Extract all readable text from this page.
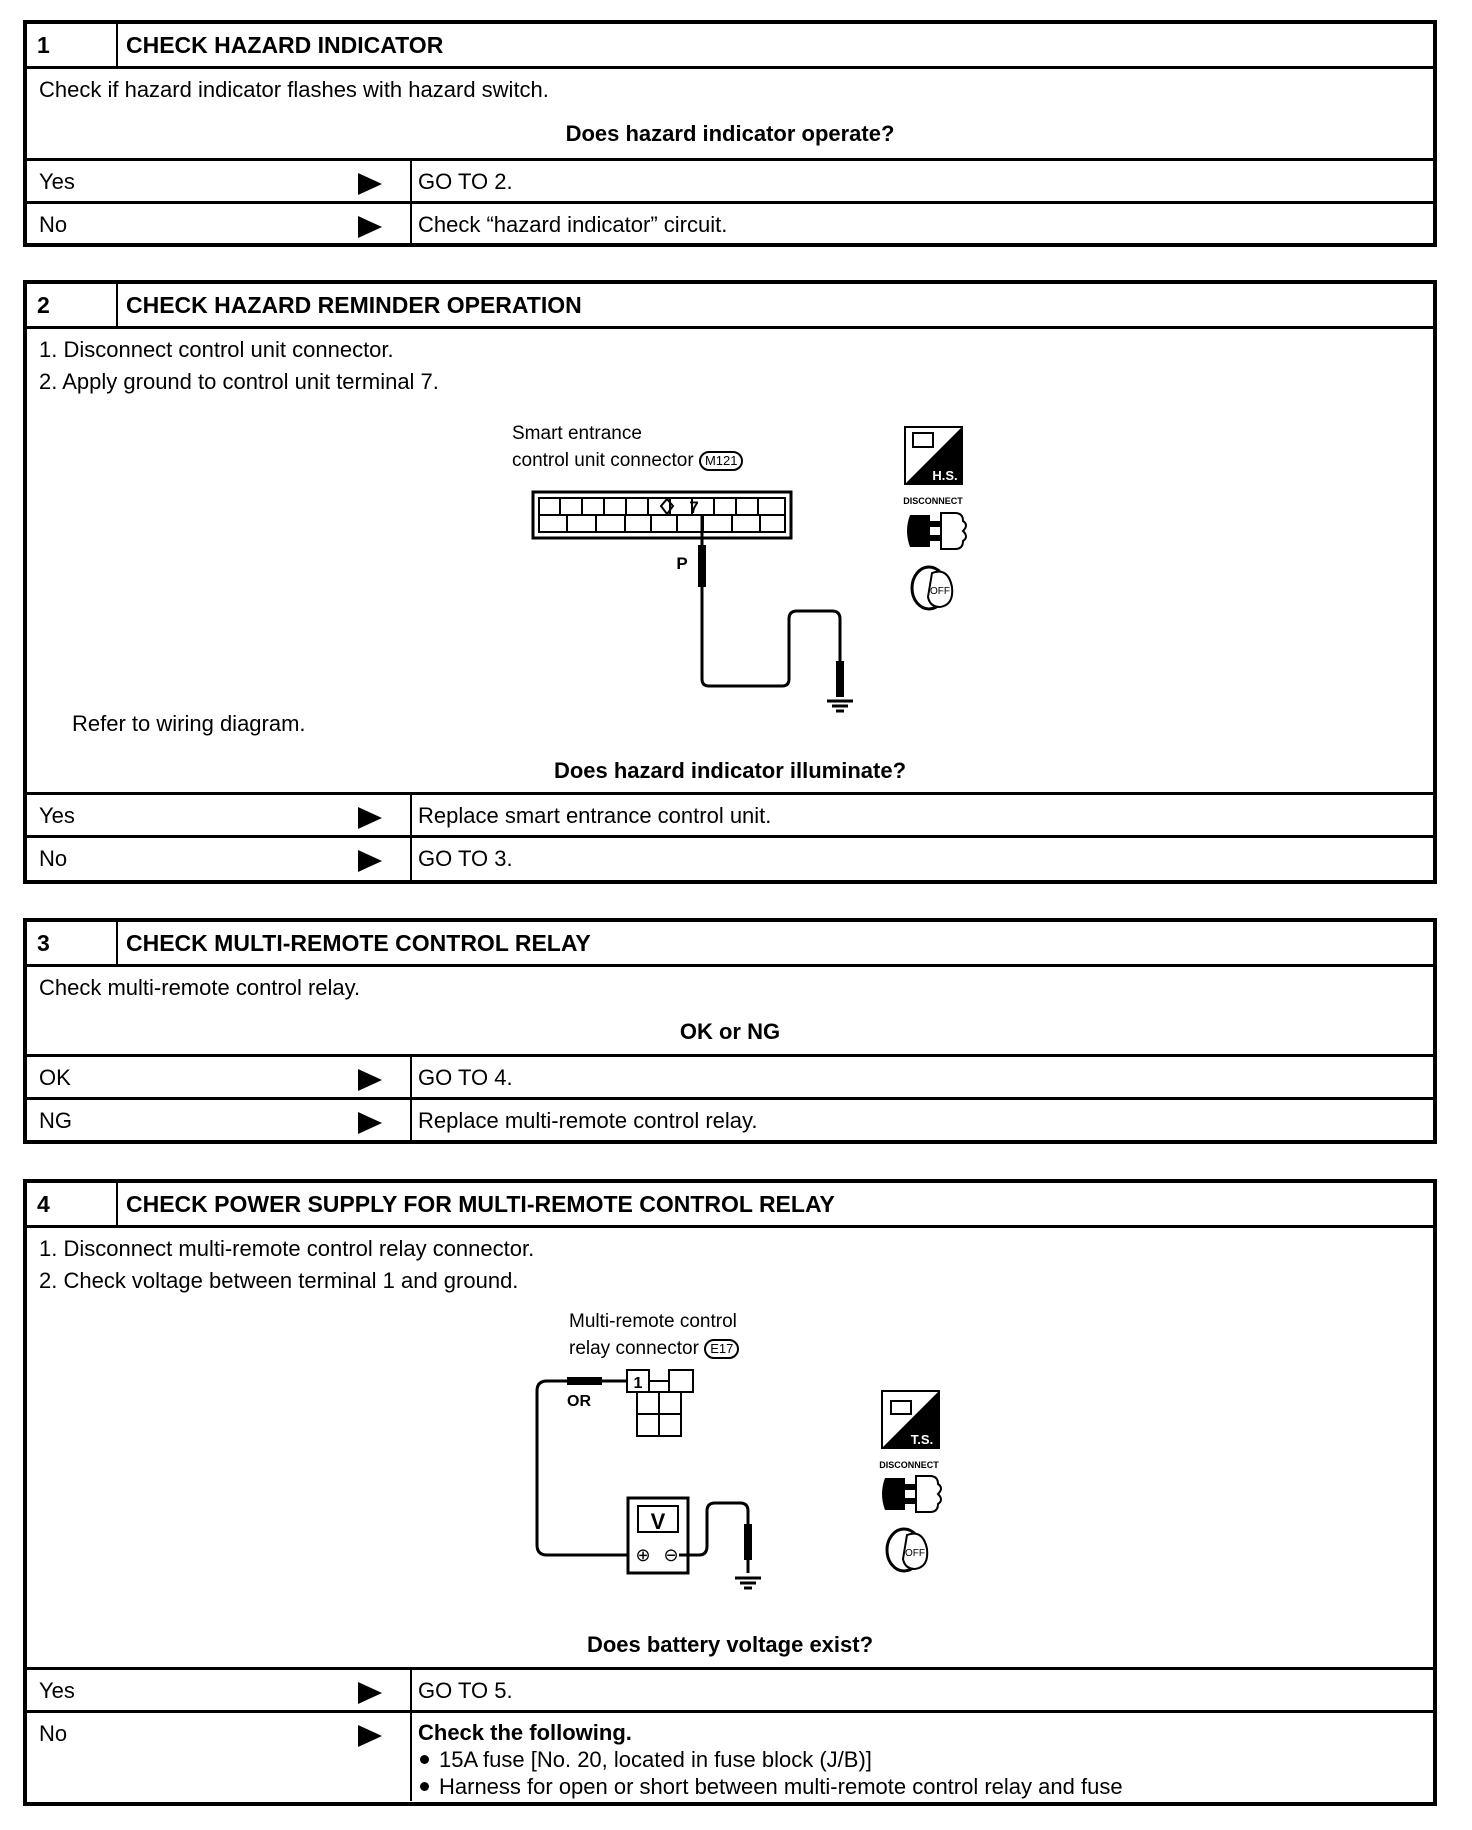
1	CHECK HAZARD INDICATOR

Check if hazard indicator flashes with hazard switch.

Does hazard indicator operate?
Yes	GO TO 2.
No	Check “hazard indicator” circuit.
2	CHECK HAZARD REMINDER OPERATION

1. Disconnect control unit connector.

2. Apply ground to control unit terminal 7.

Smart entrance
control unit connector M121
7
P
H.S.
DISCONNECT
OFF
Refer to wiring diagram.
Does hazard indicator illuminate?
Yes	Replace smart entrance control unit.
No	GO TO 3.
3	CHECK MULTI-REMOTE CONTROL RELAY

Check multi-remote control relay.

OK or NG
OK	GO TO 4.
NG	Replace multi-remote control relay.
4	CHECK POWER SUPPLY FOR MULTI-REMOTE CONTROL RELAY

1. Disconnect multi-remote control relay connector.

2. Check voltage between terminal 1 and ground.

Multi-remote control
relay connector E17
1
OR
V
⊕ ⊖
T.S.
DISCONNECT
OFF
Does battery voltage exist?
Yes	GO TO 5.
No	Check the following.
15A fuse [No. 20, located in fuse block (J/B)]
Harness for open or short between multi-remote control relay and fuse
